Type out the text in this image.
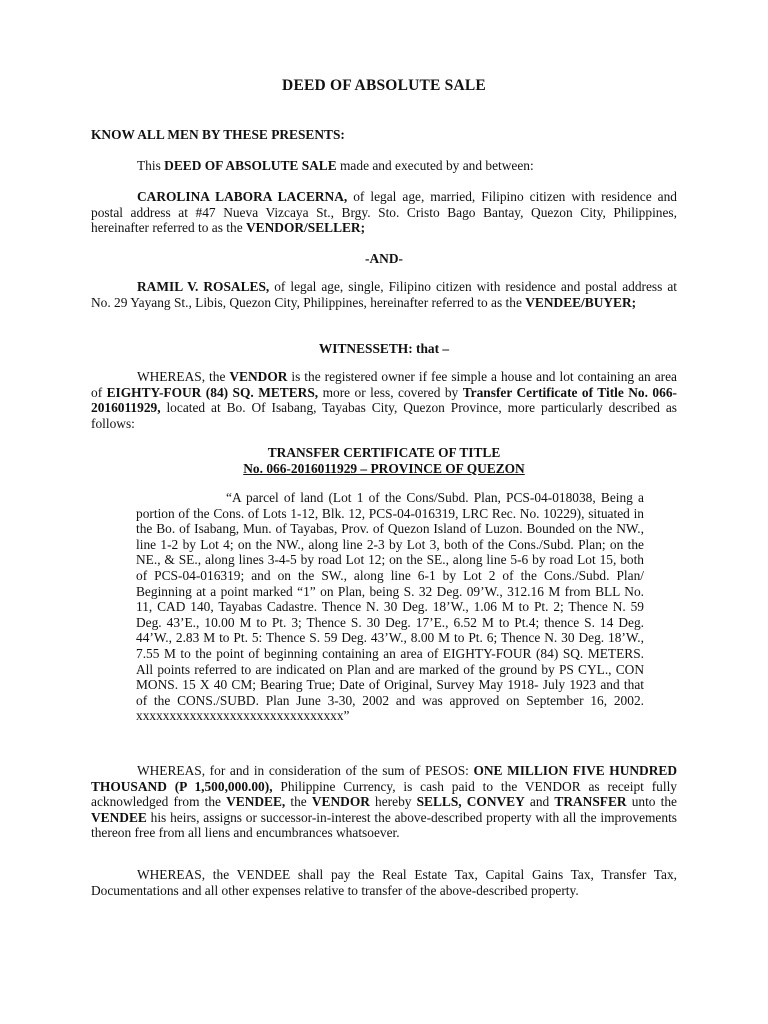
DEED OF ABSOLUTE SALE
KNOW ALL MEN BY THESE PRESENTS:
This DEED OF ABSOLUTE SALE made and executed by and between:
CAROLINA LABORA LACERNA, of legal age, married, Filipino citizen with residence and postal address at #47 Nueva Vizcaya St., Brgy. Sto. Cristo Bago Bantay, Quezon City, Philippines, hereinafter referred to as the VENDOR/SELLER;
-AND-
RAMIL V. ROSALES, of legal age, single, Filipino citizen with residence and postal address at No. 29 Yayang St., Libis, Quezon City, Philippines, hereinafter referred to as the VENDEE/BUYER;
WITNESSETH: that –
WHEREAS, the VENDOR is the registered owner if fee simple a house and lot containing an area of EIGHTY-FOUR (84) SQ. METERS, more or less, covered by Transfer Certificate of Title No. 066-2016011929, located at Bo. Of Isabang, Tayabas City, Quezon Province, more particularly described as follows:
TRANSFER CERTIFICATE OF TITLE
No. 066-2016011929 – PROVINCE OF QUEZON
“A parcel of land (Lot 1 of the Cons/Subd. Plan, PCS-04-018038, Being a portion of the Cons. of Lots 1-12, Blk. 12, PCS-04-016319, LRC Rec. No. 10229), situated in the Bo. of Isabang, Mun. of Tayabas, Prov. of Quezon Island of Luzon. Bounded on the NW., line 1-2 by Lot 4; on the NW., along line 2-3 by Lot 3, both of the Cons./Subd. Plan; on the NE., & SE., along lines 3-4-5 by road Lot 12; on the SE., along line 5-6 by road Lot 15, both of PCS-04-016319; and on the SW., along line 6-1 by Lot 2 of the Cons./Subd. Plan/ Beginning at a point marked “1” on Plan, being S. 32 Deg. 09’W., 312.16 M from BLL No. 11, CAD 140, Tayabas Cadastre. Thence N. 30 Deg. 18’W., 1.06 M to Pt. 2; Thence N. 59 Deg. 43’E., 10.00 M to Pt. 3; Thence S. 30 Deg. 17’E., 6.52 M to Pt.4; thence S. 14 Deg. 44’W., 2.83 M to Pt. 5: Thence S. 59 Deg. 43’W., 8.00 M to Pt. 6; Thence N. 30 Deg. 18’W., 7.55 M to the point of beginning containing an area of EIGHTY-FOUR (84) SQ. METERS. All points referred to are indicated on Plan and are marked of the ground by PS CYL., CON MONS. 15 X 40 CM; Bearing True; Date of Original, Survey May 1918- July 1923 and that of the CONS./SUBD. Plan June 3-30, 2002 and was approved on September 16, 2002. xxxxxxxxxxxxxxxxxxxxxxxxxxxxxxx”
WHEREAS, for and in consideration of the sum of PESOS: ONE MILLION FIVE HUNDRED THOUSAND (P 1,500,000.00), Philippine Currency, is cash paid to the VENDOR as receipt fully acknowledged from the VENDEE, the VENDOR hereby SELLS, CONVEY and TRANSFER unto the VENDEE his heirs, assigns or successor-in-interest the above-described property with all the improvements thereon free from all liens and encumbrances whatsoever.
WHEREAS, the VENDEE shall pay the Real Estate Tax, Capital Gains Tax, Transfer Tax, Documentations and all other expenses relative to transfer of the above-described property.
